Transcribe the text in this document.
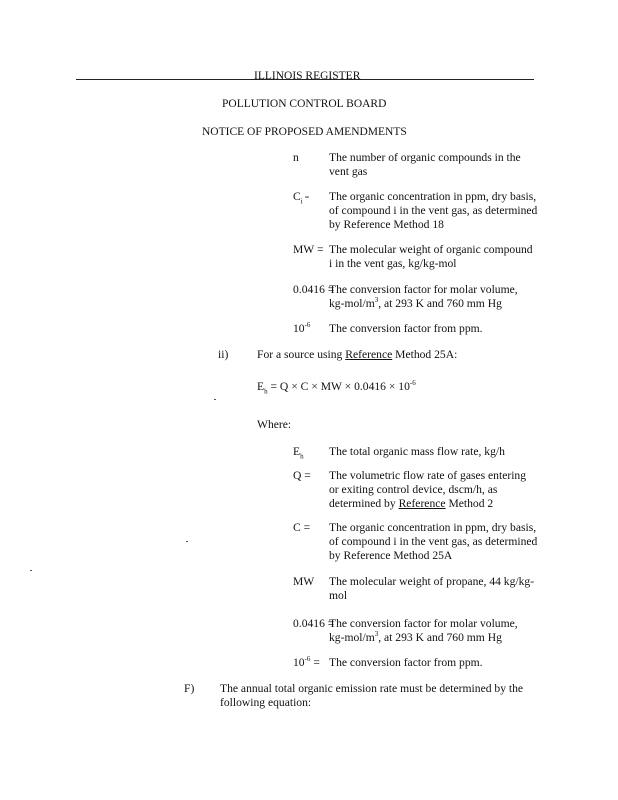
ILLINOIS REGISTER
POLLUTION CONTROL BOARD
NOTICE OF PROPOSED AMENDMENTS
n	The number of organic compounds in the
vent gas
$C_i$ = The organic concentration in ppm, dry basis,
of compound i in the vent gas, as determined
by Reference Method 18
MW = The molecular weight of organic compound
i in the vent gas, kg/kg-mol
0.0416 =
The conversion factor for molar volume,
$kg-mol/m^3$, at 293 K and 760 mm Hg
$10^{-6}$ The conversion factor from ppm.
ii) For a source using Reference Method 25A:
$E_h = Q \times C$ × MW × $0.0416 \times 10^{-6}$
Where:
$E_h$ The total organic mass flow rate, kg/h
Q = The volumetric flow rate of gases entering
or exiting control device, dscm/h, as
determined by Reference Method 2
C = The organic concentration in ppm, dry basis,
of compound i in the vent gas, as determined
by Reference Method 25A
MW The molecular weight of propane, 44 kg/kg-
mol
0.0416 =
The conversion factor for molar volume,
$kg-mol/m^3$, at 293 K and 760 mm Hg
$10^{-6}$ = The conversion factor from ppm.
F) The annual total organic emission rate must be determined by the
following equation:
